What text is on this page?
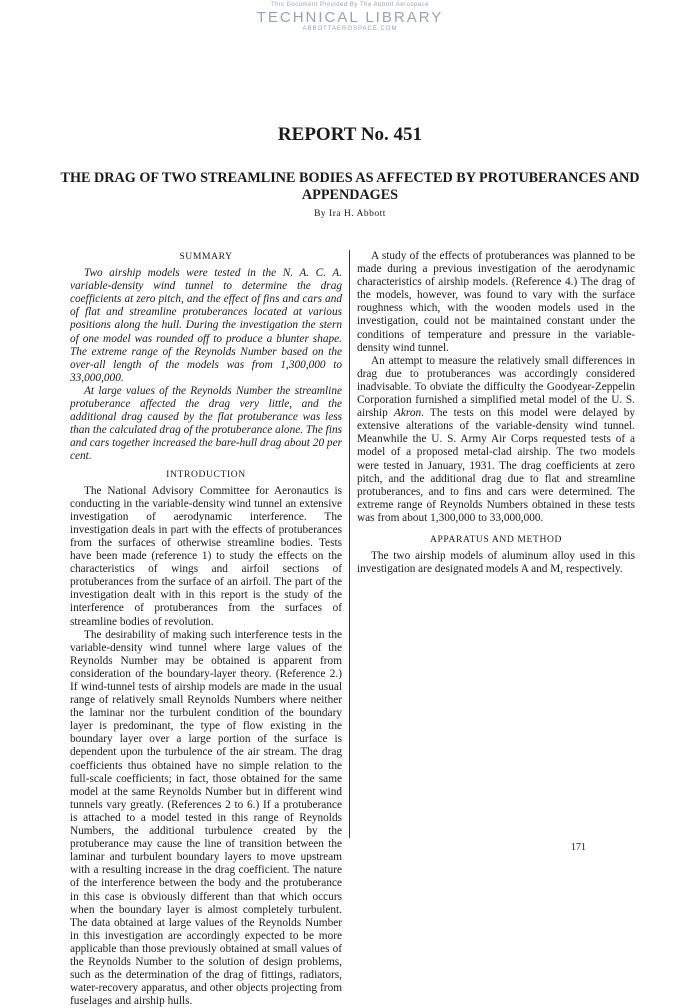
This Document Provided By The Abbott Aerospace
TECHNICAL LIBRARY
ABBOTTAEROSPACE.COM
REPORT No. 451
THE DRAG OF TWO STREAMLINE BODIES AS AFFECTED BY PROTUBERANCES AND APPENDAGES
By Ira H. Abbott
SUMMARY

Two airship models were tested in the N. A. C. A. variable-density wind tunnel to determine the drag coefficients at zero pitch, and the effect of fins and cars and of flat and streamline protuberances located at various positions along the hull. During the investigation the stern of one model was rounded off to produce a blunter shape. The extreme range of the Reynolds Number based on the over-all length of the models was from 1,300,000 to 33,000,000.

At large values of the Reynolds Number the streamline protuberance affected the drag very little, and the additional drag caused by the flat protuberance was less than the calculated drag of the protuberance alone. The fins and cars together increased the bare-hull drag about 20 per cent.

INTRODUCTION

The National Advisory Committee for Aeronautics is conducting in the variable-density wind tunnel an extensive investigation of aerodynamic interference. The investigation deals in part with the effects of protuberances from the surfaces of otherwise streamline bodies. Tests have been made (reference 1) to study the effects on the characteristics of wings and airfoil sections of protuberances from the surface of an airfoil. The part of the investigation dealt with in this report is the study of the interference of protuberances from the surfaces of streamline bodies of revolution.

The desirability of making such interference tests in the variable-density wind tunnel where large values of the Reynolds Number may be obtained is apparent from consideration of the boundary-layer theory. (Reference 2.) If wind-tunnel tests of airship models are made in the usual range of relatively small Reynolds Numbers where neither the laminar nor the turbulent condition of the boundary layer is predominant, the type of flow existing in the boundary layer over a large portion of the surface is dependent upon the turbulence of the air stream. The drag coefficients thus obtained have no simple relation to the full-scale coefficients; in fact, those obtained for the same model at the same Reynolds Number but in different wind tunnels vary greatly. (References 2 to 6.) If a protuberance is attached to a model tested in this range of Reynolds Numbers, the additional turbulence created by the protuberance may cause the line of transition between the laminar and turbulent boundary layers to move upstream with a resulting increase in the drag coefficient. The nature of the interference between the body and the protuberance in this case is obviously different than that which occurs when the boundary layer is almost completely turbulent. The data obtained at large values of the Reynolds Number in this investigation are accordingly expected to be more applicable than those previously obtained at small values of the Reynolds Number to the solution of design problems, such as the determination of the drag of fittings, radiators, water-recovery apparatus, and other objects projecting from fuselages and airship hulls.

A study of the effects of protuberances was planned to be made during a previous investigation of the aerodynamic characteristics of airship models. (Reference 4.) The drag of the models, however, was found to vary with the surface roughness which, with the wooden models used in the investigation, could not be maintained constant under the conditions of temperature and pressure in the variable-density wind tunnel.

An attempt to measure the relatively small differences in drag due to protuberances was accordingly considered inadvisable. To obviate the difficulty the Goodyear-Zeppelin Corporation furnished a simplified metal model of the U. S. airship Akron. The tests on this model were delayed by extensive alterations of the variable-density wind tunnel. Meanwhile the U. S. Army Air Corps requested tests of a model of a proposed metal-clad airship. The two models were tested in January, 1931. The drag coefficients at zero pitch, and the additional drag due to flat and streamline protuberances, and to fins and cars were determined. The extreme range of Reynolds Numbers obtained in these tests was from about 1,300,000 to 33,000,000.

APPARATUS AND METHOD

The two airship models of aluminum alloy used in this investigation are designated models A and M, respectively.

171
